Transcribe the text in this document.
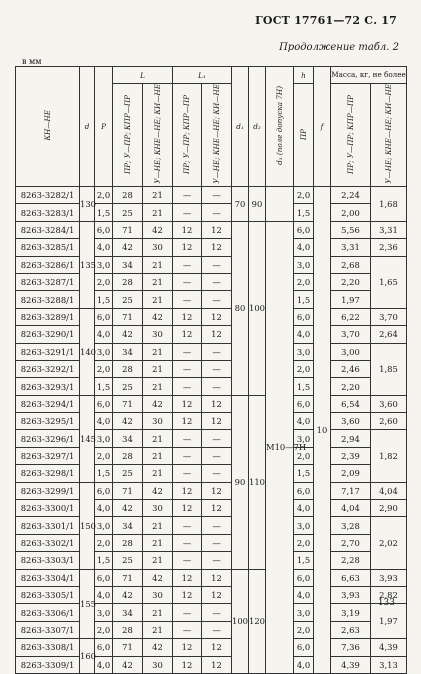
ГОСТ 17761—72 С. 17
Продолжение табл. 2
в мм
КН—НЕ	d	P	L		L₁		d₁	d₂	d₃ (поле допуска 7Н)	h	f	Масса, кг, не более	
			ПР; У—ПР; КПР—ПР	У—НЕ; КНЕ—НЕ; КИ—НЕ	ПР; У—ПР; КПР—ПР	У—НЕ; КНЕ—НЕ; КИ—НЕ				ПР		ПР; У—ПР; КПР—ПР	У—НЕ; КНЕ—НЕ; КИ—НЕ
8263-3282/1	130	2,0	28	21	—	—	70	90		2,0	10	2,24	1,68
8263-3283/1		1,5	25	21	—	—				1,5		2,00	
8263-3284/1	135	6,0	71	42	12	12	80	100	M10—7H	6,0		5,56	3,31
8263-3285/1		4,0	42	30	12	12				4,0		3,31	2,36
8263-3286/1		3,0	34	21	—	—				3,0		2,68	1,65
8263-3287/1		2,0	28	21	—	—				2,0		2,20	
8263-3288/1		1,5	25	21	—	—				1,5		1,97	
8263-3289/1	140	6,0	71	42	12	12				6,0		6,22	3,70
8263-3290/1		4,0	42	30	12	12				4,0		3,70	2,64
8263-3291/1		3,0	34	21	—	—				3,0		3,00	1,85
8263-3292/1		2,0	28	21	—	—				2,0		2,46	
8263-3293/1		1,5	25	21	—	—				1,5		2,20	
8263-3294/1	145	6,0	71	42	12	12	90	110		6,0		6,54	3,60
8263-3295/1		4,0	42	30	12	12				4,0		3,60	2,60
8263-3296/1		3,0	34	21	—	—				3,0		2,94	1,82
8263-3297/1		2,0	28	21	—	—				2,0		2,39	
8263-3298/1		1,5	25	21	—	—				1,5		2,09	
8263-3299/1	150	6,0	71	42	12	12				6,0		7,17	4,04
8263-3300/1		4,0	42	30	12	12				4,0		4,04	2,90
8263-3301/1		3,0	34	21	—	—				3,0		3,28	2,02
8263-3302/1		2,0	28	21	—	—				2,0		2,70	
8263-3303/1		1,5	25	21	—	—				1,5		2,28	
8263-3304/1	155	6,0	71	42	12	12	100	120		6,0		6,63	3,93
8263-3305/1		4,0	42	30	12	12				4,0		3,93	2,82
8263-3306/1		3,0	34	21	—	—				3,0		3,19	1,97
8263-3307/1		2,0	28	21	—	—				2,0		2,63	
8263-3308/1	160	6,0	71	42	12	12				6,0		7,36	4,39
8263-3309/1		4,0	42	30	12	12				4,0		4,39	3,13
133
